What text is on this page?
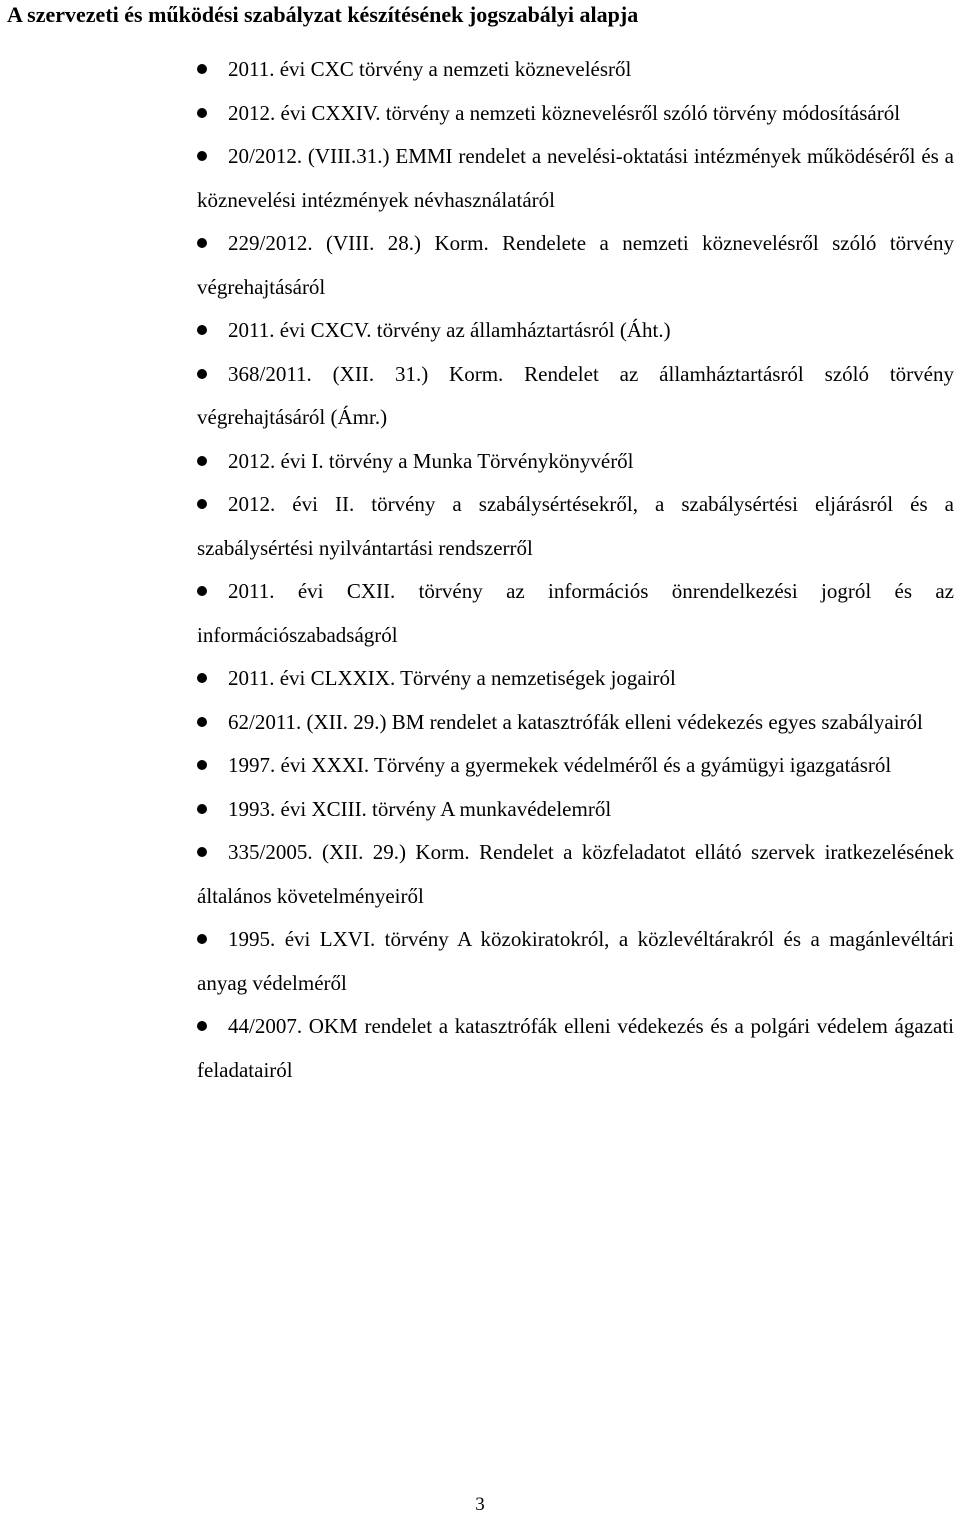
A szervezeti és működési szabályzat készítésének jogszabályi alapja
2011. évi CXC törvény a nemzeti köznevelésről
2012. évi CXXIV. törvény a nemzeti köznevelésről szóló törvény módosításáról
20/2012. (VIII.31.) EMMI rendelet a nevelési-oktatási intézmények működéséről és a köznevelési intézmények névhasználatáról
229/2012. (VIII. 28.) Korm. Rendelete a nemzeti köznevelésről szóló törvény végrehajtásáról
2011. évi CXCV. törvény az államháztartásról (Áht.)
368/2011. (XII. 31.) Korm. Rendelet az államháztartásról szóló törvény végrehajtásáról (Ámr.)
2012. évi I. törvény a Munka Törvénykönyvéről
2012. évi II. törvény a szabálysértésekről, a szabálysértési eljárásról és a szabálysértési nyilvántartási rendszerről
2011. évi CXII. törvény az információs önrendelkezési jogról és az információszabadságról
2011. évi CLXXIX. Törvény a nemzetiségek jogairól
62/2011. (XII. 29.) BM rendelet a katasztrófák elleni védekezés egyes szabályairól
1997. évi XXXI. Törvény a gyermekek védelméről és a gyámügyi igazgatásról
1993. évi XCIII. törvény A munkavédelemről
335/2005. (XII. 29.) Korm. Rendelet a közfeladatot ellátó szervek iratkezelésének általános követelményeiről
1995. évi LXVI. törvény A közokiratokról, a közlevéltárakról és a magánlevéltári anyag védelméről
44/2007. OKM rendelet a katasztrófák elleni védekezés és a polgári védelem ágazati feladatairól
3
